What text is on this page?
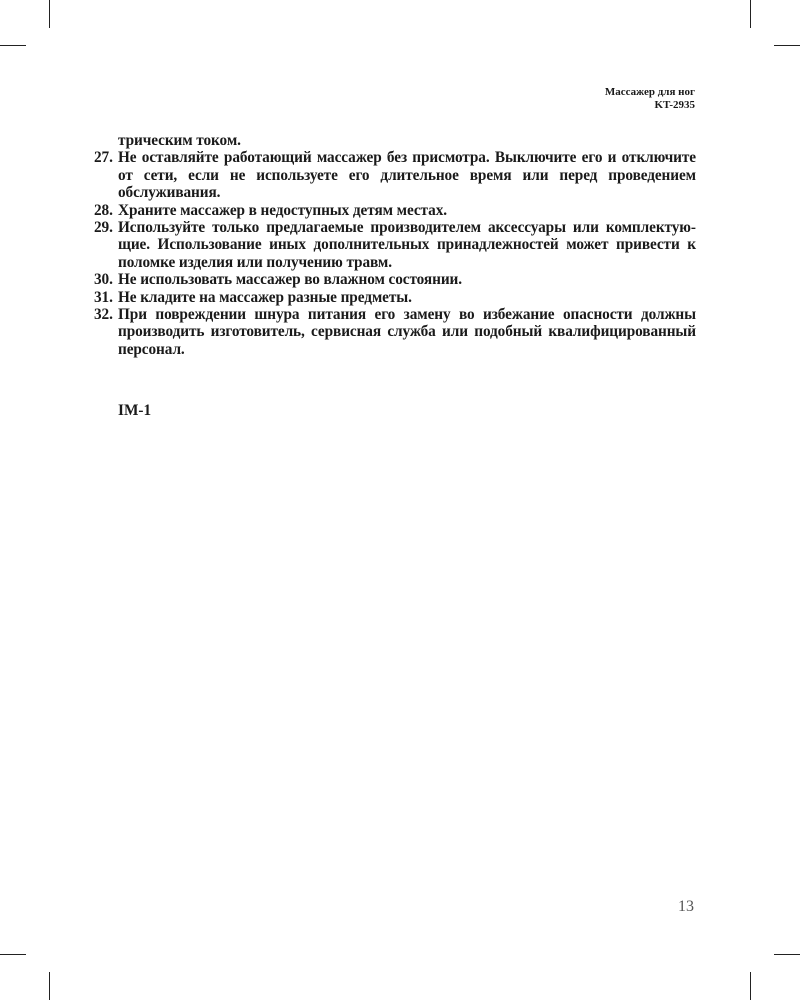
Массажер для ног
KT-2935
трическим током.
27. Не оставляйте работающий массажер без присмотра. Выключите его и отключите от сети, если не используете его длительное время или перед проведением обслуживания.
28. Храните массажер в недоступных детям местах.
29. Используйте только предлагаемые производителем аксессуары или комплектующие. Использование иных дополнительных принадлежностей может привести к поломке изделия или получению травм.
30. Не использовать массажер во влажном состоянии.
31. Не кладите на массажер разные предметы.
32. При повреждении шнура питания его замену во избежание опасности должны производить изготовитель, сервисная служба или подобный квалифицированный персонал.
IM-1
13
